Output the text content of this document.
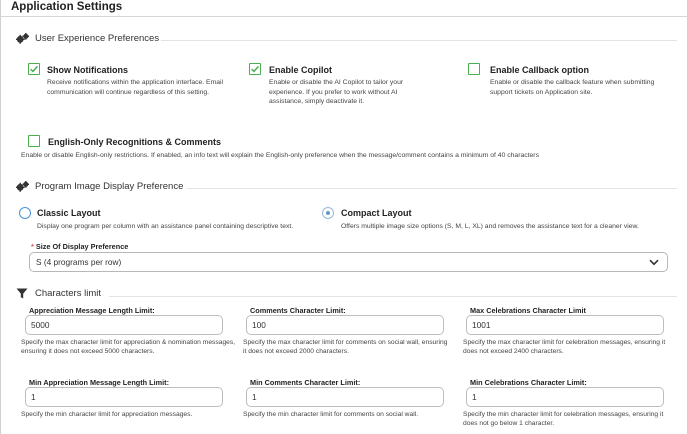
Application Settings
User Experience Preferences
Show Notifications
Receive notifications within the application interface. Email communication will continue regardless of this setting.
Enable Copilot
Enable or disable the AI Copilot to tailor your experience. If you prefer to work without AI assistance, simply deactivate it.
Enable Callback option
Enable or disable the callback feature when submitting support tickets on Application site.
English-Only Recognitions & Comments
Enable or disable English-only restrictions. If enabled, an info text will explain the English-only preference when the message/comment contains a minimum of 40 characters
Program Image Display Preference
Classic Layout
Display one program per column with an assistance panel containing descriptive text.
Compact Layout
Offers multiple image size options (S, M, L, XL) and removes the assistance text for a cleaner view.
* Size Of Display Preference
S (4 programs per row)
Characters limit
Appreciation Message Length Limit:
5000
Specify the max character limit for appreciation & nomination messages, ensuring it does not exceed 5000 characters.
Comments Character Limit:
100
Specify the max character limit for comments on social wall, ensuring it does not exceed 2000 characters.
Max Celebrations Character Limit
1001
Specify the max character limit for celebration messages, ensuring it does not exceed 2400 characters.
Min Appreciation Message Length Limit:
1
Specify the min character limit for appreciation messages.
Min Comments Character Limit:
1
Specify the min character limit for comments on social wall.
Min Celebrations Character Limit:
1
Specify the min character limit for celebration messages, ensuring it does not go below 1 character.
